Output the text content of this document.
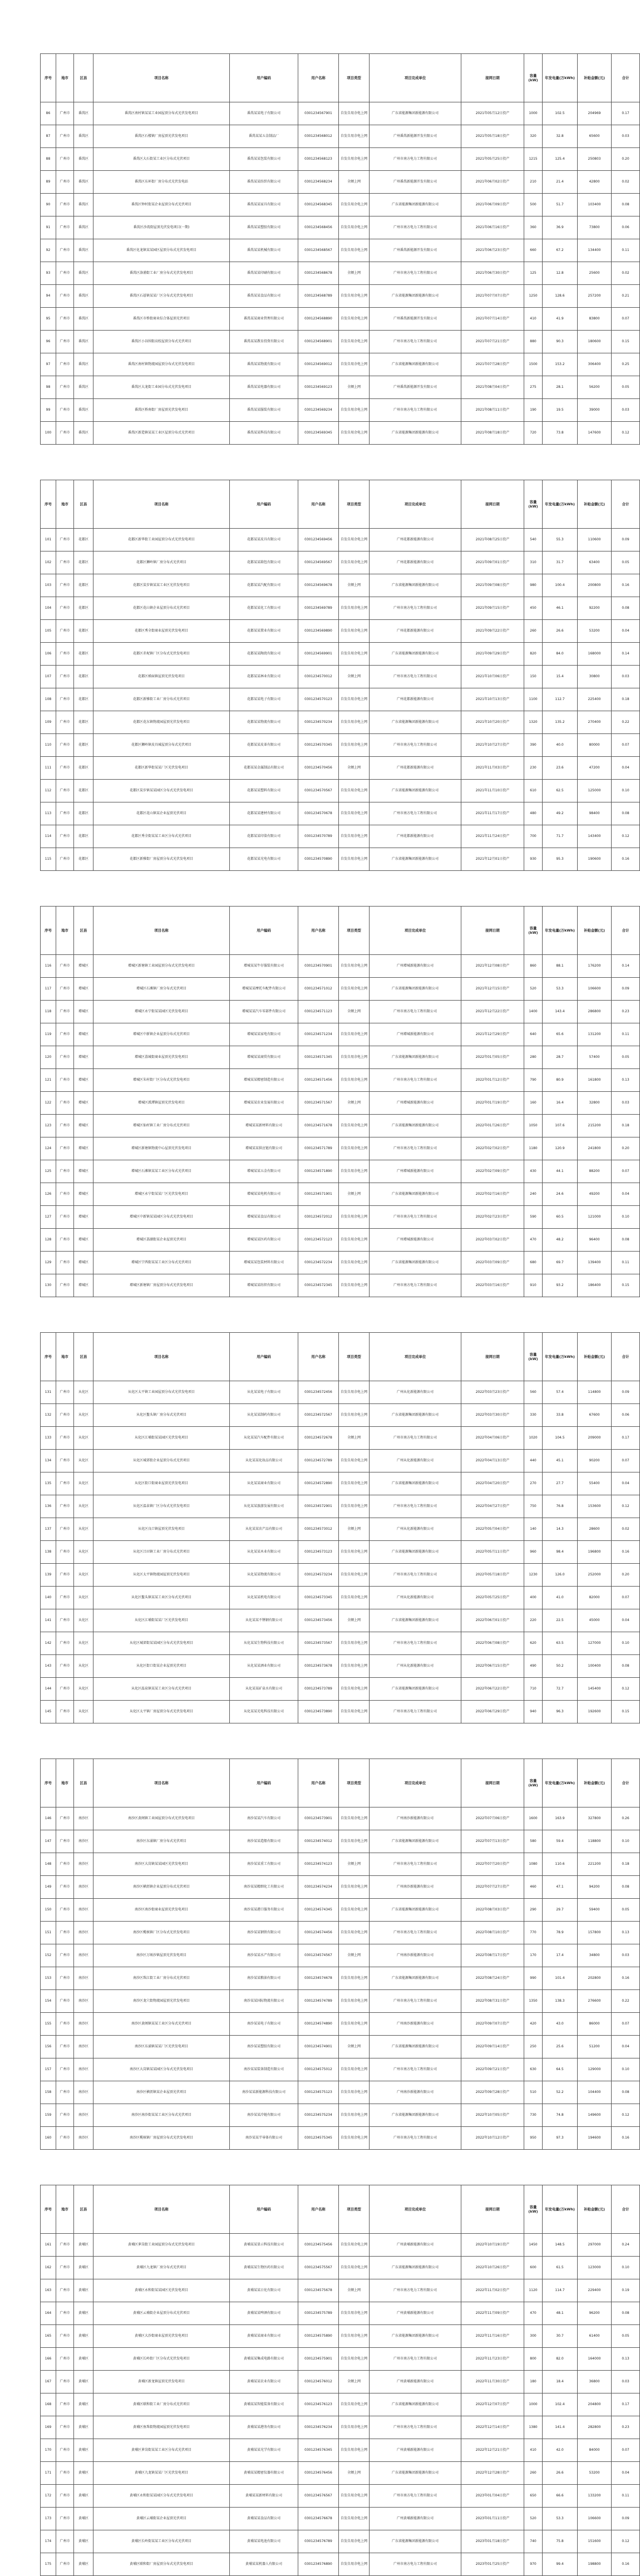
序号	地市	区县	项目名称	用户编码	用户名称	项目类型	项目完成单位	接网日期	容量(kW)	年发电量(万kWh)	补贴金额(元)	合计
86	广州市	番禺区	番禺区南村镇某某工业园屋顶分布式光伏发电项目	番禺某某电子有限公司	0301234567901	自发自用余电上网	广东省能源集团新能源有限公司	2021年05月12日投产	1000	102.5	204969	0.17
87	广州市	番禺区	番禺区石楼镇厂房屋顶光伏发电项目	番禺某某五金制品厂	0301234568012	自发自用余电上网	广州番禺新能源开发有限公司	2021年05月18日投产	320	32.8	65600	0.03
88	广州市	番禺区	番禺区大石街某工业区分布式光伏项目	番禺某某包装有限公司	0301234568123	自发自用余电上网	广州市南方电力工程有限公司	2021年05月25日投产	1215	125.4	250803	0.20
89	广州市	番禺区	番禺区东环街厂房分布式光伏发电站	番禺某某纺织有限公司	0301234568234	全额上网	广州番禺新能源开发有限公司	2021年06月02日投产	210	21.4	42800	0.02
90	广州市	番禺区	番禺区钟村街某企业屋顶分布式光伏项目	番禺某某家具有限公司	0301234568345	自发自用余电上网	广东省能源集团新能源有限公司	2021年06月09日投产	500	51.7	103400	0.08
91	广州市	番禺区	番禺区沙湾街屋顶光伏发电项目(一期)	番禺某某塑胶有限公司	0301234568456	自发自用余电上网	广州市南方电力工程有限公司	2021年06月16日投产	360	36.9	73800	0.06
92	广州市	番禺区	番禺区化龙镇某某园区屋顶分布式光伏发电项目	番禺某某机械有限公司	0301234568567	自发自用余电上网	广州番禺新能源开发有限公司	2021年06月23日投产	660	67.2	134400	0.11
93	广州市	番禺区	番禺区洛浦街工业厂房分布式光伏发电项目	番禺某某印刷有限公司	0301234568678	全额上网	广州市南方电力工程有限公司	2021年06月30日投产	125	12.8	25600	0.02
94	广州市	番禺区	番禺区石碁镇某某厂区分布式光伏发电项目	番禺某某食品有限公司	0301234568789	自发自用余电上网	广东省能源集团新能源有限公司	2021年07月07日投产	1250	128.6	257200	0.21
95	广州市	番禺区	番禺区市桥街商业综合体屋顶光伏项目	番禺某某商业管理有限公司	0301234568890	自发自用余电上网	广州番禺新能源开发有限公司	2021年07月14日投产	410	41.9	83800	0.07
96	广州市	番禺区	番禺区小谷围街高校屋顶分布式光伏项目	番禺某某教育投资有限公司	0301234568901	自发自用余电上网	广州市南方电力工程有限公司	2021年07月21日投产	880	90.3	180600	0.15
97	广州市	番禺区	番禺区南村镇物流园屋顶分布式光伏发电项目	番禺某某物流有限公司	0301234569012	自发自用余电上网	广东省能源集团新能源有限公司	2021年07月28日投产	1500	153.2	306400	0.25
98	广州市	番禺区	番禺区大龙街工业园分布式光伏发电项目	番禺某某电器有限公司	0301234569123	全额上网	广州番禺新能源开发有限公司	2021年08月04日投产	275	28.1	56200	0.05
99	广州市	番禺区	番禺区桥南街厂房屋顶光伏发电项目	番禺某某服装有限公司	0301234569234	自发自用余电上网	广州市南方电力工程有限公司	2021年08月11日投产	190	19.5	39000	0.03
100	广州市	番禺区	番禺区新造镇某某工业区屋顶分布式光伏项目	番禺某某科技有限公司	0301234569345	自发自用余电上网	广东省能源集团新能源有限公司	2021年08月18日投产	720	73.8	147600	0.12
序号	地市	区县	项目名称	用户编码	用户名称	项目类型	项目完成单位	接网日期	容量(kW)	年发电量(万kWh)	补贴金额(元)	合计
101	广州市	花都区	花都区新华街工业园屋顶分布式光伏发电项目	花都某某皮具有限公司	0301234569456	自发自用余电上网	广州花都新能源有限公司	2021年08月25日投产	540	55.3	110600	0.09
102	广州市	花都区	花都区狮岭镇厂房分布式光伏项目	花都某某箱包有限公司	0301234569567	自发自用余电上网	广州花都新能源有限公司	2021年09月01日投产	310	31.7	63400	0.05
103	广州市	花都区	花都区炭步镇某某工业区光伏发电项目	花都某某汽配有限公司	0301234569678	全额上网	广东省能源集团新能源有限公司	2021年09月08日投产	980	100.4	200800	0.16
104	广州市	花都区	花都区花山镇企业屋顶分布式光伏项目	花都某某化工有限公司	0301234569789	自发自用余电上网	广州市南方电力工程有限公司	2021年09月15日投产	450	46.1	92200	0.08
105	广州市	花都区	花都区秀全街商业屋顶光伏发电项目	花都某某置业有限公司	0301234569890	自发自用余电上网	广州花都新能源有限公司	2021年09月22日投产	260	26.6	53200	0.04
106	广州市	花都区	花都区赤坭镇厂区分布式光伏发电项目	花都某某陶瓷有限公司	0301234569901	自发自用余电上网	广东省能源集团新能源有限公司	2021年09月29日投产	820	84.0	168000	0.14
107	广州市	花都区	花都区梯面镇屋顶光伏发电项目	花都某某林业有限公司	0301234570012	全额上网	广州市南方电力工程有限公司	2021年10月06日投产	150	15.4	30800	0.03
108	广州市	花都区	花都区新雅街工业厂房分布式光伏项目	花都某某电子有限公司	0301234570123	自发自用余电上网	广州花都新能源有限公司	2021年10月13日投产	1100	112.7	225400	0.18
109	广州市	花都区	花都区花东镇物流园屋顶光伏发电项目	花都某某物流有限公司	0301234570234	自发自用余电上网	广东省能源集团新能源有限公司	2021年10月20日投产	1320	135.2	270400	0.22
110	广州市	花都区	花都区狮岭镇皮具城屋顶分布式光伏项目	花都某某皮革有限公司	0301234570345	自发自用余电上网	广州市南方电力工程有限公司	2021年10月27日投产	390	40.0	80000	0.07
111	广州市	花都区	花都区新华街某某厂区光伏发电项目	花都某某金属制品有限公司	0301234570456	全额上网	广州花都新能源有限公司	2021年11月03日投产	230	23.6	47200	0.04
112	广州市	花都区	花都区炭步镇某某园区分布式光伏发电项目	花都某某塑料有限公司	0301234570567	自发自用余电上网	广东省能源集团新能源有限公司	2021年11月10日投产	610	62.5	125000	0.10
113	广州市	花都区	花都区花山镇某企业屋顶光伏项目	花都某某建材有限公司	0301234570678	自发自用余电上网	广州市南方电力工程有限公司	2021年11月17日投产	480	49.2	98400	0.08
114	广州市	花都区	花都区秀全街某某工业区分布式光伏项目	花都某某印染有限公司	0301234570789	自发自用余电上网	广州花都新能源有限公司	2021年11月24日投产	700	71.7	143400	0.12
115	广州市	花都区	花都区新雅街厂房屋顶分布式光伏发电项目	花都某某光电有限公司	0301234570890	自发自用余电上网	广东省能源集团新能源有限公司	2021年12月01日投产	930	95.3	190600	0.16
序号	地市	区县	项目名称	用户编码	用户名称	项目类型	项目完成单位	接网日期	容量(kW)	年发电量(万kWh)	补贴金额(元)	合计
116	广州市	增城区	增城区新塘镇工业园屋顶分布式光伏发电项目	增城某某牛仔服装有限公司	0301234570901	自发自用余电上网	广州增城新能源有限公司	2021年12月08日投产	860	88.1	176200	0.14
117	广州市	增城区	增城区石滩镇厂房分布式光伏项目	增城某某摩托车配件有限公司	0301234571012	自发自用余电上网	广东省能源集团新能源有限公司	2021年12月15日投产	520	53.3	106600	0.09
118	广州市	增城区	增城区永宁街某某园区光伏发电项目	增城某某汽车零部件有限公司	0301234571123	全额上网	广州市南方电力工程有限公司	2021年12月22日投产	1400	143.4	286800	0.23
119	广州市	增城区	增城区中新镇企业屋顶分布式光伏项目	增城某某家电有限公司	0301234571234	自发自用余电上网	广州增城新能源有限公司	2021年12月29日投产	640	65.6	131200	0.11
120	广州市	增城区	增城区荔城街商业屋顶光伏发电项目	增城某某商贸有限公司	0301234571345	自发自用余电上网	广东省能源集团新能源有限公司	2022年01月05日投产	280	28.7	57400	0.05
121	广州市	增城区	增城区朱村街厂区分布式光伏发电项目	增城某某精密制造有限公司	0301234571456	自发自用余电上网	广州市南方电力工程有限公司	2022年01月12日投产	790	80.9	161800	0.13
122	广州市	增城区	增城区派潭镇屋顶光伏发电项目	增城某某农业发展有限公司	0301234571567	全额上网	广州增城新能源有限公司	2022年01月19日投产	160	16.4	32800	0.03
123	广州市	增城区	增城区仙村镇工业厂房分布式光伏项目	增城某某新材料有限公司	0301234571678	自发自用余电上网	广东省能源集团新能源有限公司	2022年01月26日投产	1050	107.6	215200	0.18
124	广州市	增城区	增城区新塘镇物流中心屋顶光伏发电项目	增城某某供应链有限公司	0301234571789	自发自用余电上网	广州市南方电力工程有限公司	2022年02月02日投产	1180	120.9	241800	0.20
125	广州市	增城区	增城区石滩镇某某工业区分布式光伏项目	增城某某五金有限公司	0301234571890	自发自用余电上网	广州增城新能源有限公司	2022年02月09日投产	430	44.1	88200	0.07
126	广州市	增城区	增城区永宁街某某厂区光伏发电项目	增城某某电机有限公司	0301234571901	全额上网	广东省能源集团新能源有限公司	2022年02月16日投产	240	24.6	49200	0.04
127	广州市	增城区	增城区中新镇某某园区分布式光伏发电项目	增城某某食品有限公司	0301234572012	自发自用余电上网	广州市南方电力工程有限公司	2022年02月23日投产	590	60.5	121000	0.10
128	广州市	增城区	增城区荔湖街某企业屋顶光伏项目	增城某某医药有限公司	0301234572123	自发自用余电上网	广州增城新能源有限公司	2022年03月02日投产	470	48.2	96400	0.08
129	广州市	增城区	增城区宁西街某某工业区分布式光伏项目	增城某某包装材料有限公司	0301234572234	自发自用余电上网	广东省能源集团新能源有限公司	2022年03月09日投产	680	69.7	139400	0.11
130	广州市	增城区	增城区新塘镇厂房屋顶分布式光伏发电项目	增城某某纺织有限公司	0301234572345	自发自用余电上网	广州市南方电力工程有限公司	2022年03月16日投产	910	93.2	186400	0.15
序号	地市	区县	项目名称	用户编码	用户名称	项目类型	项目完成单位	接网日期	容量(kW)	年发电量(万kWh)	补贴金额(元)	合计
131	广州市	从化区	从化区太平镇工业园屋顶分布式光伏发电项目	从化某某电子有限公司	0301234572456	自发自用余电上网	广州从化新能源有限公司	2022年03月23日投产	560	57.4	114800	0.09
132	广州市	从化区	从化区鳌头镇厂房分布式光伏项目	从化某某制药有限公司	0301234572567	自发自用余电上网	广东省能源集团新能源有限公司	2022年03月30日投产	330	33.8	67600	0.06
133	广州市	从化区	从化区江埔街某某园区光伏发电项目	从化某某汽车配件有限公司	0301234572678	全额上网	广州市南方电力工程有限公司	2022年04月06日投产	1020	104.5	209000	0.17
134	广州市	从化区	从化区城郊街企业屋顶分布式光伏项目	从化某某化妆品有限公司	0301234572789	自发自用余电上网	广州从化新能源有限公司	2022年04月13日投产	440	45.1	90200	0.07
135	广州市	从化区	从化区街口街商业屋顶光伏发电项目	从化某某商业有限公司	0301234572890	自发自用余电上网	广东省能源集团新能源有限公司	2022年04月20日投产	270	27.7	55400	0.04
136	广州市	从化区	从化区温泉镇厂区分布式光伏发电项目	从化某某旅游发展有限公司	0301234572901	自发自用余电上网	广州市南方电力工程有限公司	2022年04月27日投产	750	76.8	153600	0.12
137	广州市	从化区	从化区良口镇屋顶光伏发电项目	从化某某农产品有限公司	0301234573012	全额上网	广州从化新能源有限公司	2022年05月04日投产	140	14.3	28600	0.02
138	广州市	从化区	从化区吕田镇工业厂房分布式光伏项目	从化某某木业有限公司	0301234573123	自发自用余电上网	广东省能源集团新能源有限公司	2022年05月11日投产	960	98.4	196800	0.16
139	广州市	从化区	从化区太平镇物流园屋顶光伏发电项目	从化某某物流有限公司	0301234573234	自发自用余电上网	广州市南方电力工程有限公司	2022年05月18日投产	1230	126.0	252000	0.20
140	广州市	从化区	从化区鳌头镇某某工业区分布式光伏项目	从化某某机电有限公司	0301234573345	自发自用余电上网	广州从化新能源有限公司	2022年05月25日投产	400	41.0	82000	0.07
141	广州市	从化区	从化区江埔街某某厂区光伏发电项目	从化某某不锈钢有限公司	0301234573456	全额上网	广东省能源集团新能源有限公司	2022年06月01日投产	220	22.5	45000	0.04
142	广州市	从化区	从化区城郊街某某园区分布式光伏发电项目	从化某某生物科技有限公司	0301234573567	自发自用余电上网	广州市南方电力工程有限公司	2022年06月08日投产	620	63.5	127000	0.10
143	广州市	从化区	从化区街口街某企业屋顶光伏项目	从化某某酒业有限公司	0301234573678	自发自用余电上网	广州从化新能源有限公司	2022年06月15日投产	490	50.2	100400	0.08
144	广州市	从化区	从化区温泉镇某某工业区分布式光伏项目	从化某某矿泉水有限公司	0301234573789	自发自用余电上网	广东省能源集团新能源有限公司	2022年06月22日投产	710	72.7	145400	0.12
145	广州市	从化区	从化区太平镇厂房屋顶分布式光伏发电项目	从化某某光电科技有限公司	0301234573890	自发自用余电上网	广州市南方电力工程有限公司	2022年06月29日投产	940	96.3	192600	0.15
序号	地市	区县	项目名称	用户编码	用户名称	项目类型	项目完成单位	接网日期	容量(kW)	年发电量(万kWh)	补贴金额(元)	合计
146	广州市	南沙区	南沙区黄阁镇工业园屋顶分布式光伏发电项目	南沙某某汽车有限公司	0301234573901	自发自用余电上网	广州南沙新能源有限公司	2022年07月06日投产	1600	163.9	327800	0.26
147	广州市	南沙区	南沙区东涌镇厂房分布式光伏项目	南沙某某造船有限公司	0301234574012	自发自用余电上网	广东省能源集团新能源有限公司	2022年07月13日投产	580	59.4	118800	0.10
148	广州市	南沙区	南沙区大岗镇某某园区光伏发电项目	南沙某某重工有限公司	0301234574123	全额上网	广州市南方电力工程有限公司	2022年07月20日投产	1080	110.6	221200	0.18
149	广州市	南沙区	南沙区横沥镇企业屋顶分布式光伏项目	南沙某某精细化工有限公司	0301234574234	自发自用余电上网	广州南沙新能源有限公司	2022年07月27日投产	460	47.1	94200	0.08
150	广州市	南沙区	南沙区南沙街商业屋顶光伏发电项目	南沙某某港口服务有限公司	0301234574345	自发自用余电上网	广东省能源集团新能源有限公司	2022年08月03日投产	290	29.7	59400	0.05
151	广州市	南沙区	南沙区榄核镇厂区分布式光伏发电项目	南沙某某钢铁有限公司	0301234574456	自发自用余电上网	广州市南方电力工程有限公司	2022年08月10日投产	770	78.9	157800	0.13
152	广州市	南沙区	南沙区万顷沙镇屋顶光伏发电项目	南沙某某水产有限公司	0301234574567	全额上网	广州南沙新能源有限公司	2022年08月17日投产	170	17.4	34800	0.03
153	广州市	南沙区	南沙区珠江街工业厂房分布式光伏项目	南沙某某粮油有限公司	0301234574678	自发自用余电上网	广东省能源集团新能源有限公司	2022年08月24日投产	990	101.4	202800	0.16
154	广州市	南沙区	南沙区龙穴街物流园屋顶光伏发电项目	南沙某某国际物流有限公司	0301234574789	自发自用余电上网	广州市南方电力工程有限公司	2022年08月31日投产	1350	138.3	276600	0.22
155	广州市	南沙区	南沙区黄阁镇某某工业区分布式光伏项目	南沙某某电子有限公司	0301234574890	自发自用余电上网	广州南沙新能源有限公司	2022年09月07日投产	420	43.0	86000	0.07
156	广州市	南沙区	南沙区东涌镇某某厂区光伏发电项目	南沙某某塑胶有限公司	0301234574901	全额上网	广东省能源集团新能源有限公司	2022年09月14日投产	250	25.6	51200	0.04
157	广州市	南沙区	南沙区大岗镇某某园区分布式光伏发电项目	南沙某某装备制造有限公司	0301234575012	自发自用余电上网	广州市南方电力工程有限公司	2022年09月21日投产	630	64.5	129000	0.10
158	广州市	南沙区	南沙区横沥镇某企业屋顶光伏项目	南沙某某新能源科技有限公司	0301234575123	自发自用余电上网	广州南沙新能源有限公司	2022年09月28日投产	510	52.2	104400	0.08
159	广州市	南沙区	南沙区南沙街某某工业区分布式光伏项目	南沙某某冷链有限公司	0301234575234	自发自用余电上网	广东省能源集团新能源有限公司	2022年10月05日投产	730	74.8	149600	0.12
160	广州市	南沙区	南沙区榄核镇厂房屋顶分布式光伏发电项目	南沙某某半导体有限公司	0301234575345	自发自用余电上网	广州市南方电力工程有限公司	2022年10月12日投产	950	97.3	194600	0.16
序号	地市	区县	项目名称	用户编码	用户名称	项目类型	项目完成单位	接网日期	容量(kW)	年发电量(万kWh)	补贴金额(元)	合计
161	广州市	黄埔区	黄埔区萝岗街工业园屋顶分布式光伏发电项目	黄埔某某显示科技有限公司	0301234575456	自发自用余电上网	广州黄埔新能源有限公司	2022年10月19日投产	1450	148.5	297000	0.24
162	广州市	黄埔区	黄埔区九龙镇厂房分布式光伏项目	黄埔某某生物医药有限公司	0301234575567	自发自用余电上网	广东省能源集团新能源有限公司	2022年10月26日投产	600	61.5	123000	0.10
163	广州市	黄埔区	黄埔区永和街某某园区光伏发电项目	黄埔某某日化有限公司	0301234575678	全额上网	广州市南方电力工程有限公司	2022年11月02日投产	1120	114.7	229400	0.19
164	广州市	黄埔区	黄埔区云埔街企业屋顶分布式光伏项目	黄埔某某啤酒有限公司	0301234575789	自发自用余电上网	广州黄埔新能源有限公司	2022年11月09日投产	470	48.1	96200	0.08
165	广州市	黄埔区	黄埔区大沙街商业屋顶光伏发电项目	黄埔某某商业有限公司	0301234575890	自发自用余电上网	广东省能源集团新能源有限公司	2022年11月16日投产	300	30.7	61400	0.05
166	广州市	黄埔区	黄埔区长岭街厂区分布式光伏发电项目	黄埔某某集成电路有限公司	0301234575901	自发自用余电上网	广州市南方电力工程有限公司	2022年11月23日投产	800	82.0	164000	0.13
167	广州市	黄埔区	黄埔区新龙镇屋顶光伏发电项目	黄埔某某农业有限公司	0301234576012	全额上网	广州黄埔新能源有限公司	2022年11月30日投产	180	18.4	36800	0.03
168	广州市	黄埔区	黄埔区联和街工业厂房分布式光伏项目	黄埔某某智能装备有限公司	0301234576123	自发自用余电上网	广东省能源集团新能源有限公司	2022年12月07日投产	1000	102.4	204800	0.17
169	广州市	黄埔区	黄埔区鱼珠街物流园屋顶光伏发电项目	黄埔某某港务有限公司	0301234576234	自发自用余电上网	广州市南方电力工程有限公司	2022年12月14日投产	1380	141.4	282800	0.23
170	广州市	黄埔区	黄埔区萝岗街某某工业区分布式光伏项目	黄埔某某光学有限公司	0301234576345	自发自用余电上网	广州黄埔新能源有限公司	2022年12月21日投产	410	42.0	84000	0.07
171	广州市	黄埔区	黄埔区九龙镇某某厂区光伏发电项目	黄埔某某精密仪器有限公司	0301234576456	全额上网	广东省能源集团新能源有限公司	2022年12月28日投产	260	26.6	53200	0.04
172	广州市	黄埔区	黄埔区永和街某某园区分布式光伏发电项目	黄埔某某新材料有限公司	0301234576567	自发自用余电上网	广州市南方电力工程有限公司	2023年01月04日投产	650	66.6	133200	0.11
173	广州市	黄埔区	黄埔区云埔街某企业屋顶光伏项目	黄埔某某食品有限公司	0301234576678	自发自用余电上网	广州黄埔新能源有限公司	2023年01月11日投产	520	53.3	106600	0.09
174	广州市	黄埔区	黄埔区长岭街某某工业区分布式光伏项目	黄埔某某电池有限公司	0301234576789	自发自用余电上网	广东省能源集团新能源有限公司	2023年01月18日投产	740	75.8	151600	0.12
175	广州市	黄埔区	黄埔区联和街厂房屋顶分布式光伏发电项目	黄埔某某机器人有限公司	0301234576890	自发自用余电上网	广州市南方电力工程有限公司	2023年01月25日投产	970	99.4	198800	0.16
